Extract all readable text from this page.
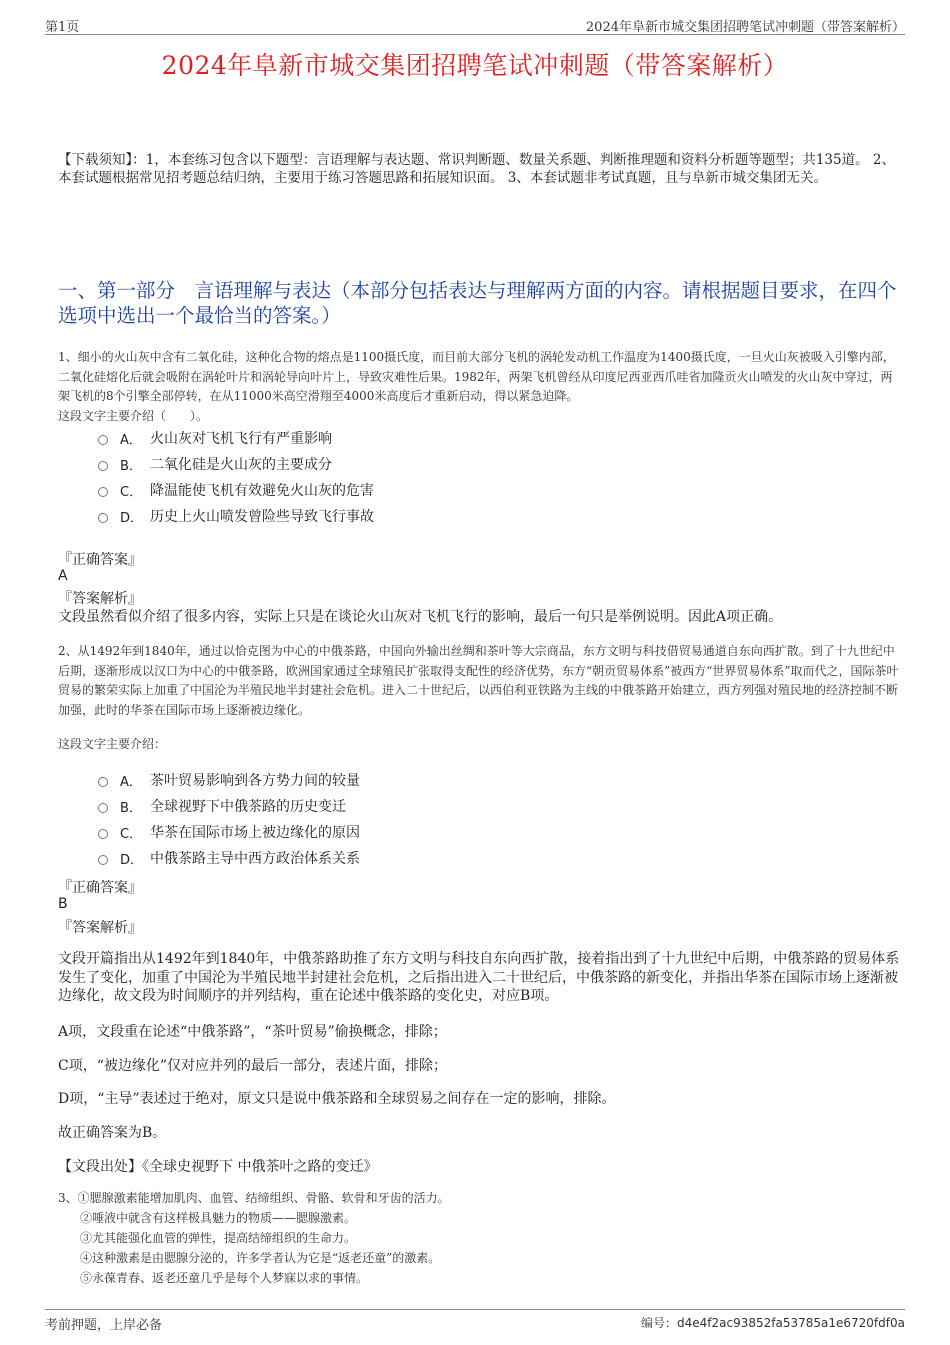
第1页	2024年阜新市城交集团招聘笔试冲刺题（带答案解析）
2024年阜新市城交集团招聘笔试冲刺题（带答案解析）
【下载须知】：1，本套练习包含以下题型：言语理解与表达题、常识判断题、数量关系题、判断推理题和资料分析题等题型；共135道。 2、本套试题根据常见招考题总结归纳，主要用于练习答题思路和拓展知识面。 3、本套试题非考试真题，且与阜新市城交集团无关。
一、第一部分　言语理解与表达（本部分包括表达与理解两方面的内容。请根据题目要求，在四个选项中选出一个最恰当的答案。）
1、细小的火山灰中含有二氧化硅，这种化合物的熔点是1100摄氏度，而目前大部分飞机的涡轮发动机工作温度为1400摄氏度，一旦火山灰被吸入引擎内部，二氧化硅熔化后就会吸附在涡轮叶片和涡轮导向叶片上，导致灾难性后果。1982年，两架飞机曾经从印度尼西亚西爪哇省加隆贡火山喷发的火山灰中穿过，两架飞机的8个引擎全部停转，在从11000米高空滑翔至4000米高度后才重新启动，得以紧急迫降。
这段文字主要介绍（　　）。
A． 火山灰对飞机飞行有严重影响
B． 二氧化硅是火山灰的主要成分
C． 降温能使飞机有效避免火山灰的危害
D． 历史上火山喷发曾险些导致飞行事故
『正确答案』
A
『答案解析』
文段虽然看似介绍了很多内容，实际上只是在谈论火山灰对飞机飞行的影响，最后一句只是举例说明。因此A项正确。
2、从1492年到1840年，通过以恰克图为中心的中俄茶路，中国向外输出丝绸和茶叶等大宗商品，东方文明与科技借贸易通道自东向西扩散。到了十九世纪中后期，逐渐形成以汉口为中心的中俄茶路，欧洲国家通过全球殖民扩张取得支配性的经济优势，东方“朝贡贸易体系”被西方“世界贸易体系”取而代之，国际茶叶贸易的繁荣实际上加重了中国沦为半殖民地半封建社会危机。进入二十世纪后，以西伯利亚铁路为主线的中俄茶路开始建立，西方列强对殖民地的经济控制不断加强，此时的华茶在国际市场上逐渐被边缘化。
这段文字主要介绍：
A． 茶叶贸易影响到各方势力间的较量
B． 全球视野下中俄茶路的历史变迁
C． 华茶在国际市场上被边缘化的原因
D． 中俄茶路主导中西方政治体系关系
『正确答案』
B
『答案解析』
文段开篇指出从1492年到1840年，中俄茶路助推了东方文明与科技自东向西扩散，接着指出到了十九世纪中后期，中俄茶路的贸易体系发生了变化，加重了中国沦为半殖民地半封建社会危机，之后指出进入二十世纪后，中俄茶路的新变化，并指出华茶在国际市场上逐渐被边缘化，故文段为时间顺序的并列结构，重在论述中俄茶路的变化史，对应B项。
A项，文段重在论述“中俄茶路”，“茶叶贸易”偷换概念，排除；
C项，“被边缘化”仅对应并列的最后一部分，表述片面，排除；
D项，“主导”表述过于绝对，原文只是说中俄茶路和全球贸易之间存在一定的影响，排除。
故正确答案为B。
【文段出处】《全球史视野下 中俄茶叶之路的变迁》
3、①腮腺激素能增加肌肉、血管、结缔组织、骨骼、软骨和牙齿的活力。
②唾液中就含有这样极具魅力的物质——腮腺激素。
③尤其能强化血管的弹性，提高结缔组织的生命力。
④这种激素是由腮腺分泌的，许多学者认为它是“返老还童”的激素。
⑤永葆青春、返老还童几乎是每个人梦寐以求的事情。
考前押题，上岸必备	编号：d4e4f2ac93852fa53785a1e6720fdf0a
